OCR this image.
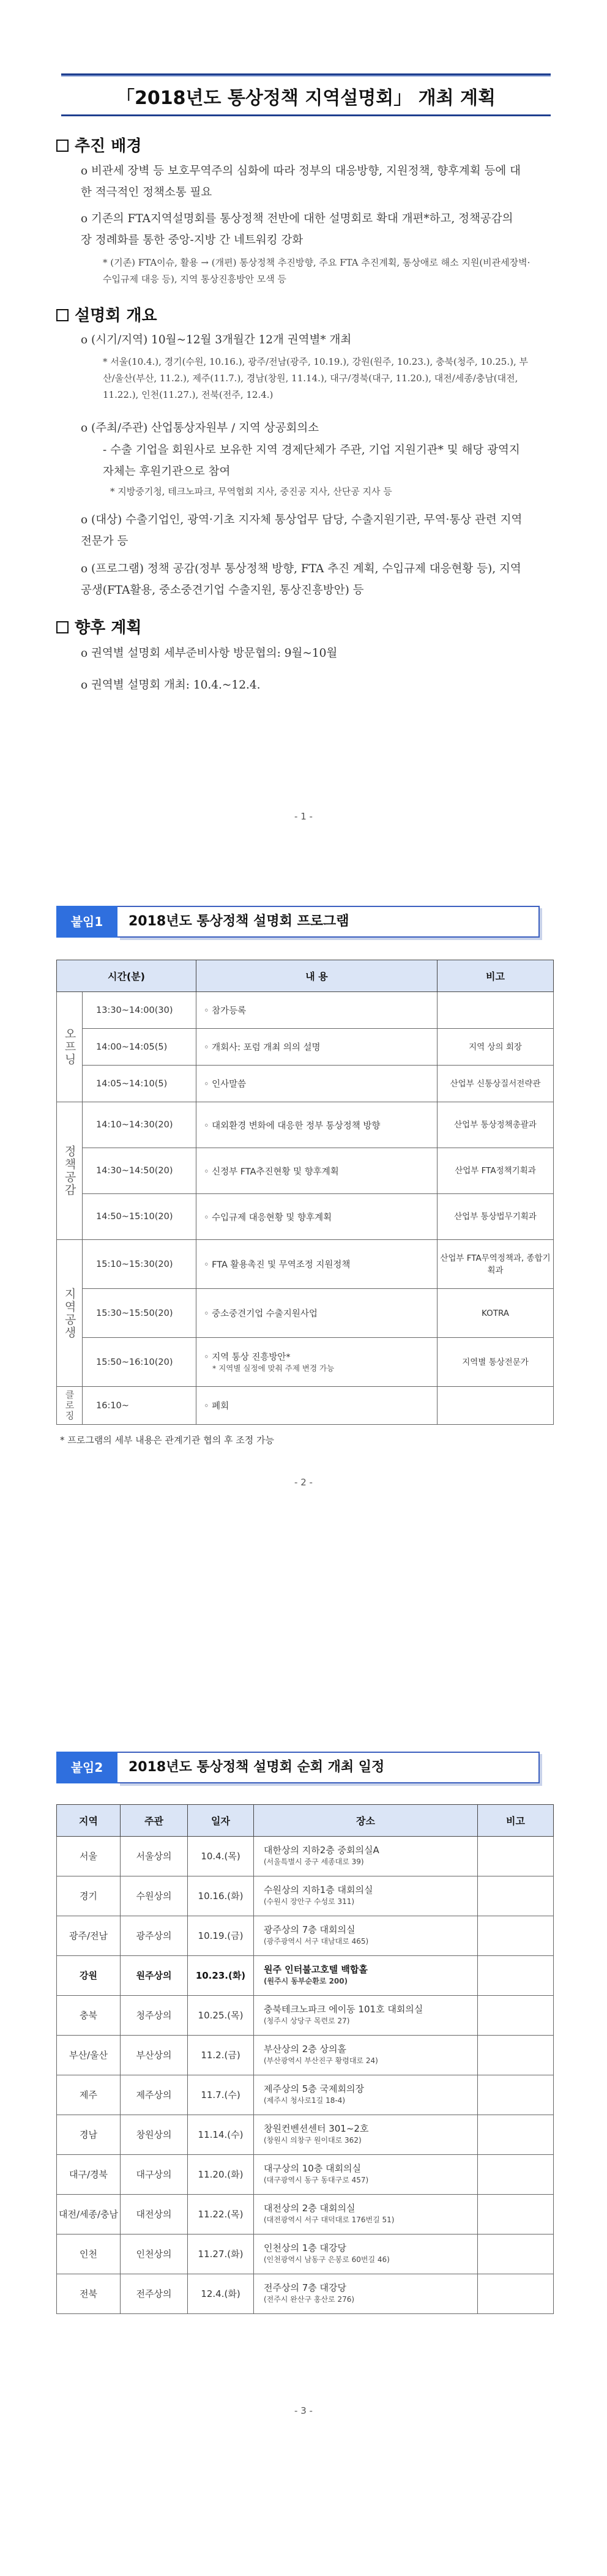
「2018년도 통상정책 지역설명회」 개최 계획
추진 배경
o 비관세 장벽 등 보호무역주의 심화에 따라 정부의 대응방향, 지원정책, 향후계획 등에 대한 적극적인 정책소통 필요
o 기존의 FTA지역설명회를 통상정책 전반에 대한 설명회로 확대 개편*하고, 정책공감의 장 정례화를 통한 중앙-지방 간 네트워킹 강화
* (기존) FTA이슈, 활용 → (개편) 통상정책 추진방향, 주요 FTA 추진계획, 통상애로 해소 지원(비관세장벽·수입규제 대응 등), 지역 통상진흥방안 모색 등
설명회 개요
o (시기/지역) 10월~12월 3개월간 12개 권역별* 개최
* 서울(10.4.), 경기(수원, 10.16.), 광주/전남(광주, 10.19.), 강원(원주, 10.23.), 충북(청주, 10.25.), 부산/울산(부산, 11.2.), 제주(11.7.), 경남(창원, 11.14.), 대구/경북(대구, 11.20.), 대전/세종/충남(대전, 11.22.), 인천(11.27.), 전북(전주, 12.4.)
o (주최/주관) 산업통상자원부 / 지역 상공회의소
- 수출 기업을 회원사로 보유한 지역 경제단체가 주관, 기업 지원기관* 및 해당 광역지자체는 후원기관으로 참여
* 지방중기청, 테크노파크, 무역협회 지사, 중진공 지사, 산단공 지사 등
o (대상) 수출기업인, 광역·기초 지자체 통상업무 담당, 수출지원기관, 무역·통상 관련 지역 전문가 등
o (프로그램) 정책 공감(정부 통상정책 방향, FTA 추진 계획, 수입규제 대응현황 등), 지역 공생(FTA활용, 중소중견기업 수출지원, 통상진흥방안) 등
향후 계획
o 권역별 설명회 세부준비사항 방문협의: 9월~10월
o 권역별 설명회 개최: 10.4.~12.4.
- 1 -
붙임1	2018년도 통상정책 설명회 프로그램
시간(분)		내 용	비고
오프닝	13:30~14:00(30)	◦ 참가등록	
	14:00~14:05(5)	◦ 개회사: 포럼 개최 의의 설명	지역 상의 회장
	14:05~14:10(5)	◦ 인사말씀	산업부 신통상질서전략관
정책공감	14:10~14:30(20)	◦ 대외환경 변화에 대응한 정부 통상정책 방향	산업부 통상정책총괄과
	14:30~14:50(20)	◦ 신정부 FTA추진현황 및 향후계획	산업부 FTA정책기획과
	14:50~15:10(20)	◦ 수입규제 대응현황 및 향후계획	산업부 통상법무기획과
지역공생	15:10~15:30(20)	◦ FTA 활용촉진 및 무역조정 지원정책	산업부 FTA무역정책과, 종합기획과
	15:30~15:50(20)	◦ 중소중견기업 수출지원사업	KOTRA
	15:50~16:10(20)	◦ 지역 통상 진흥방안*
* 지역별 실정에 맞춰 주제 변경 가능	지역별 통상전문가
클로징	16:10~	◦ 폐회	
* 프로그램의 세부 내용은 관계기관 협의 후 조정 가능
- 2 -
붙임2	2018년도 통상정책 설명회 순회 개최 일정
지역	주관	일자	장소	비고
서울	서울상의	10.4.(목)	대한상의 지하2층 중회의실A
(서울특별시 중구 세종대로 39)	

경기	수원상의	10.16.(화)	수원상의 지하1층 대회의실
(수원시 장안구 수성로 311)	

광주/전남	광주상의	10.19.(금)	광주상의 7층 대회의실
(광주광역시 서구 대남대로 465)	

강원	원주상의	10.23.(화)	원주 인터불고호텔 백합홀
(원주시 동부순환로 200)	

충북	청주상의	10.25.(목)	충북테크노파크 에이동 101호 대회의실
(청주시 상당구 목련로 27)	

부산/울산	부산상의	11.2.(금)	부산상의 2층 상의홀
(부산광역시 부산진구 황령대로 24)	

제주	제주상의	11.7.(수)	제주상의 5층 국제회의장
(제주시 청사로1길 18-4)	

경남	창원상의	11.14.(수)	창원컨벤션센터 301~2호
(창원시 의창구 원이대로 362)	

대구/경북	대구상의	11.20.(화)	대구상의 10층 대회의실
(대구광역시 동구 동대구로 457)	

대전/세종/충남	대전상의	11.22.(목)	대전상의 2층 대회의실
(대전광역시 서구 대덕대로 176번길 51)	

인천	인천상의	11.27.(화)	인천상의 1층 대강당
(인천광역시 남동구 은봉로 60번길 46)	

전북	전주상의	12.4.(화)	전주상의 7층 대강당
(전주시 완산구 홍산로 276)	

- 3 -
